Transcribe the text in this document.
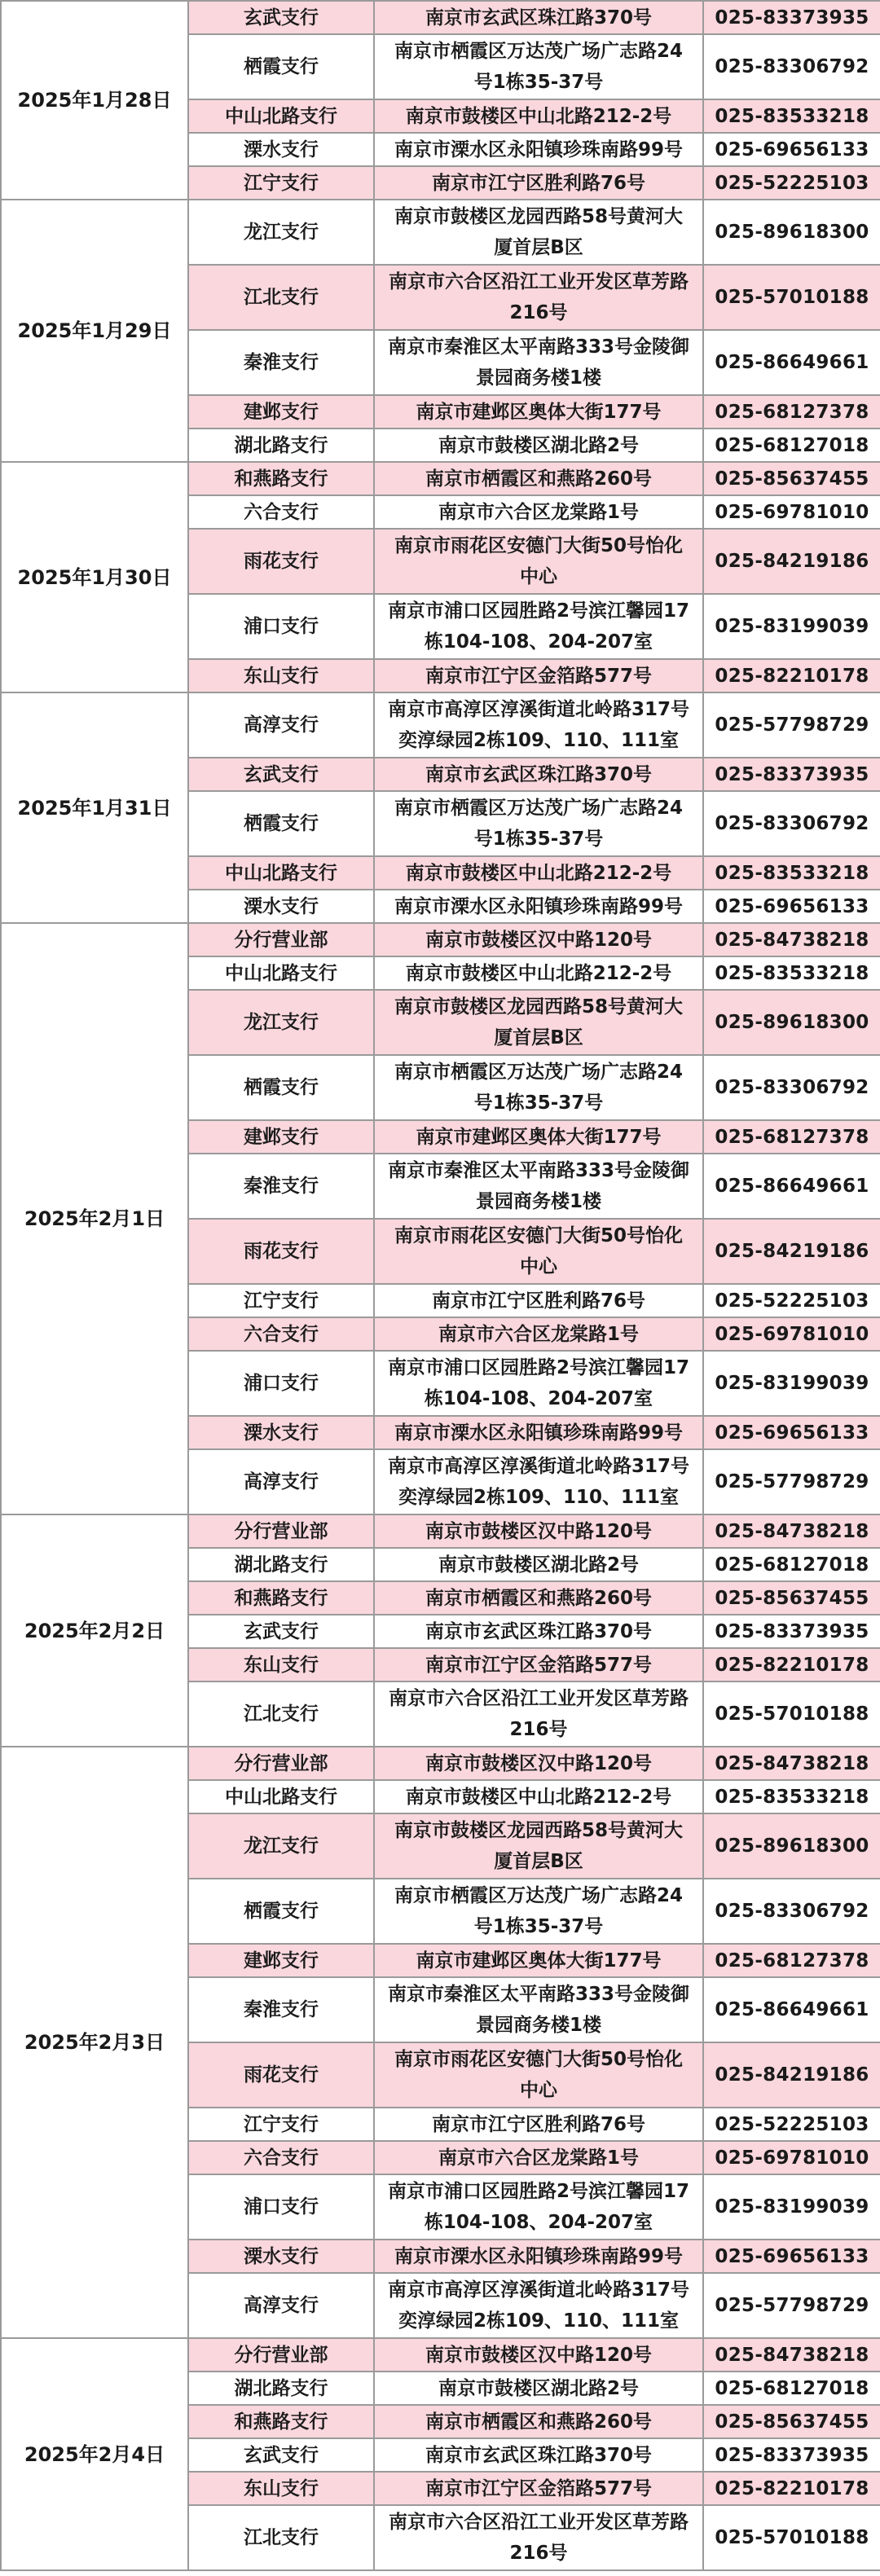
2025年1月28日	玄武支行	南京市玄武区珠江路370号	025-83373935
	栖霞支行	南京市栖霞区万达茂广场广志路24号1栋35-37号	025-83306792
	中山北路支行	南京市鼓楼区中山北路212-2号	025-83533218
	溧水支行	南京市溧水区永阳镇珍珠南路99号	025-69656133
	江宁支行	南京市江宁区胜利路76号	025-52225103
2025年1月29日	龙江支行	南京市鼓楼区龙园西路58号黄河大厦首层B区	025-89618300
	江北支行	南京市六合区沿江工业开发区草芳路216号	025-57010188
	秦淮支行	南京市秦淮区太平南路333号金陵御景园商务楼1楼	025-86649661
	建邺支行	南京市建邺区奥体大街177号	025-68127378
	湖北路支行	南京市鼓楼区湖北路2号	025-68127018
2025年1月30日	和燕路支行	南京市栖霞区和燕路260号	025-85637455
	六合支行	南京市六合区龙棠路1号	025-69781010
	雨花支行	南京市雨花区安德门大街50号怡化中心	025-84219186
	浦口支行	南京市浦口区园胜路2号滨江馨园17栋104-108、204-207室	025-83199039
	东山支行	南京市江宁区金箔路577号	025-82210178
2025年1月31日	高淳支行	南京市高淳区淳溪街道北岭路317号奕淳绿园2栋109、110、111室	025-57798729
	玄武支行	南京市玄武区珠江路370号	025-83373935
	栖霞支行	南京市栖霞区万达茂广场广志路24号1栋35-37号	025-83306792
	中山北路支行	南京市鼓楼区中山北路212-2号	025-83533218
	溧水支行	南京市溧水区永阳镇珍珠南路99号	025-69656133
2025年2月1日	分行营业部	南京市鼓楼区汉中路120号	025-84738218
	中山北路支行	南京市鼓楼区中山北路212-2号	025-83533218
	龙江支行	南京市鼓楼区龙园西路58号黄河大厦首层B区	025-89618300
	栖霞支行	南京市栖霞区万达茂广场广志路24号1栋35-37号	025-83306792
	建邺支行	南京市建邺区奥体大街177号	025-68127378
	秦淮支行	南京市秦淮区太平南路333号金陵御景园商务楼1楼	025-86649661
	雨花支行	南京市雨花区安德门大街50号怡化中心	025-84219186
	江宁支行	南京市江宁区胜利路76号	025-52225103
	六合支行	南京市六合区龙棠路1号	025-69781010
	浦口支行	南京市浦口区园胜路2号滨江馨园17栋104-108、204-207室	025-83199039
	溧水支行	南京市溧水区永阳镇珍珠南路99号	025-69656133
	高淳支行	南京市高淳区淳溪街道北岭路317号奕淳绿园2栋109、110、111室	025-57798729
2025年2月2日	分行营业部	南京市鼓楼区汉中路120号	025-84738218
	湖北路支行	南京市鼓楼区湖北路2号	025-68127018
	和燕路支行	南京市栖霞区和燕路260号	025-85637455
	玄武支行	南京市玄武区珠江路370号	025-83373935
	东山支行	南京市江宁区金箔路577号	025-82210178
	江北支行	南京市六合区沿江工业开发区草芳路216号	025-57010188
2025年2月3日	分行营业部	南京市鼓楼区汉中路120号	025-84738218
	中山北路支行	南京市鼓楼区中山北路212-2号	025-83533218
	龙江支行	南京市鼓楼区龙园西路58号黄河大厦首层B区	025-89618300
	栖霞支行	南京市栖霞区万达茂广场广志路24号1栋35-37号	025-83306792
	建邺支行	南京市建邺区奥体大街177号	025-68127378
	秦淮支行	南京市秦淮区太平南路333号金陵御景园商务楼1楼	025-86649661
	雨花支行	南京市雨花区安德门大街50号怡化中心	025-84219186
	江宁支行	南京市江宁区胜利路76号	025-52225103
	六合支行	南京市六合区龙棠路1号	025-69781010
	浦口支行	南京市浦口区园胜路2号滨江馨园17栋104-108、204-207室	025-83199039
	溧水支行	南京市溧水区永阳镇珍珠南路99号	025-69656133
	高淳支行	南京市高淳区淳溪街道北岭路317号奕淳绿园2栋109、110、111室	025-57798729
2025年2月4日	分行营业部	南京市鼓楼区汉中路120号	025-84738218
	湖北路支行	南京市鼓楼区湖北路2号	025-68127018
	和燕路支行	南京市栖霞区和燕路260号	025-85637455
	玄武支行	南京市玄武区珠江路370号	025-83373935
	东山支行	南京市江宁区金箔路577号	025-82210178
	江北支行	南京市六合区沿江工业开发区草芳路216号	025-57010188
